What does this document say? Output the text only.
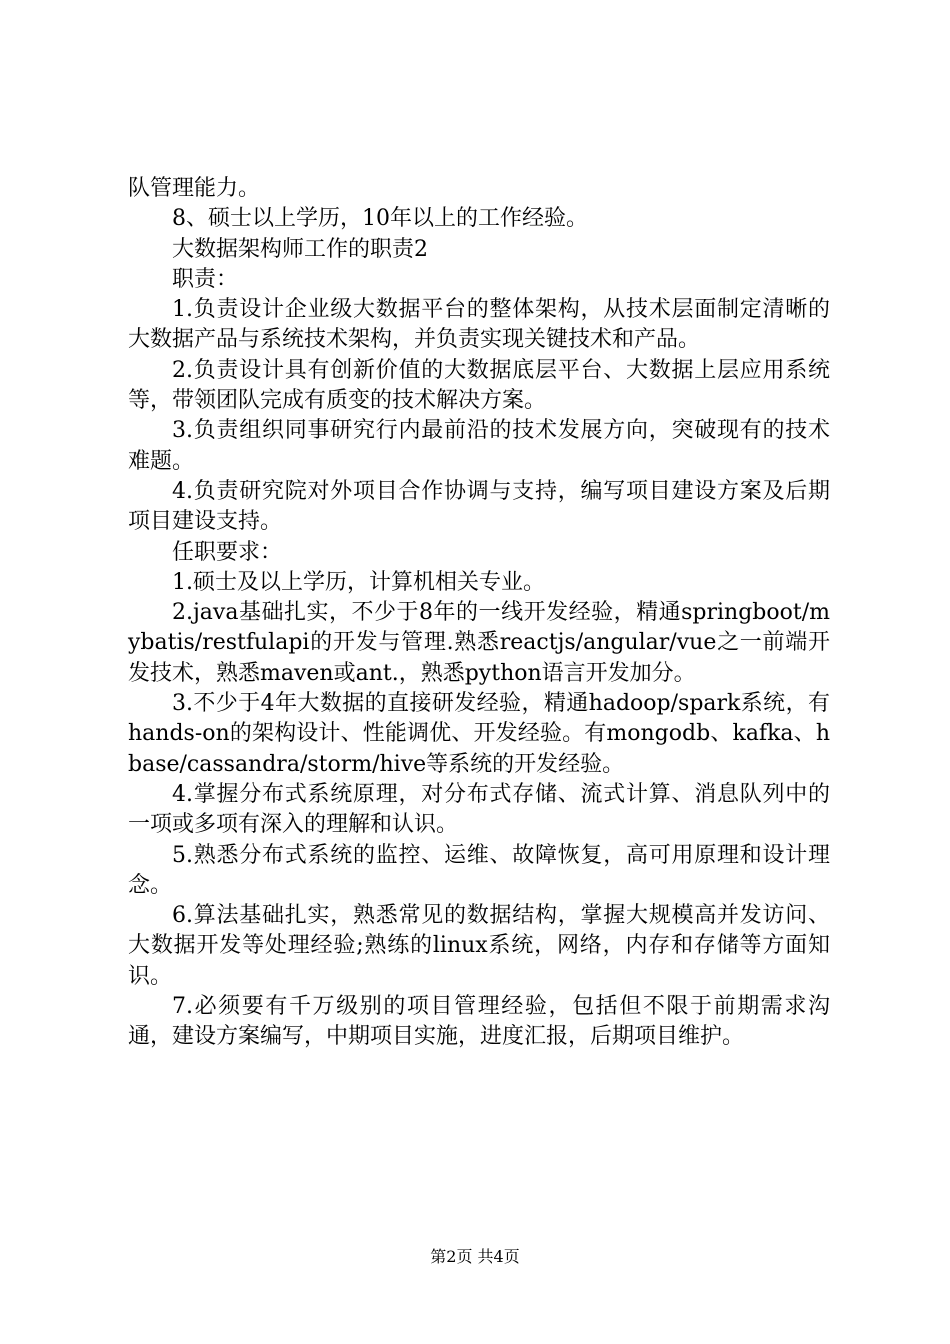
队管理能力。

8、硕士以上学历，10年以上的工作经验。

大数据架构师工作的职责2

职责：

1.负责设计企业级大数据平台的整体架构，从技术层面制定清晰的大数据产品与系统技术架构，并负责实现关键技术和产品。

2.负责设计具有创新价值的大数据底层平台、大数据上层应用系统等，带领团队完成有质变的技术解决方案。

3.负责组织同事研究行内最前沿的技术发展方向，突破现有的技术难题。

4.负责研究院对外项目合作协调与支持，编写项目建设方案及后期项目建设支持。

任职要求：

1.硕士及以上学历，计算机相关专业。

2.java基础扎实，不少于8年的一线开发经验，精通springboot/mybatis/restfulapi的开发与管理.熟悉reactjs/angular/vue之一前端开发技术，熟悉maven或ant.，熟悉python语言开发加分。

3.不少于4年大数据的直接研发经验，精通hadoop/spark系统，有hands-on的架构设计、性能调优、开发经验。有mongodb、kafka、hbase/cassandra/storm/hive等系统的开发经验。

4.掌握分布式系统原理，对分布式存储、流式计算、消息队列中的一项或多项有深入的理解和认识。

5.熟悉分布式系统的监控、运维、故障恢复，高可用原理和设计理念。

6.算法基础扎实，熟悉常见的数据结构，掌握大规模高并发访问、大数据开发等处理经验;熟练的linux系统，网络，内存和存储等方面知识。

7.必须要有千万级别的项目管理经验，包括但不限于前期需求沟通，建设方案编写，中期项目实施，进度汇报，后期项目维护。

第2页 共4页
